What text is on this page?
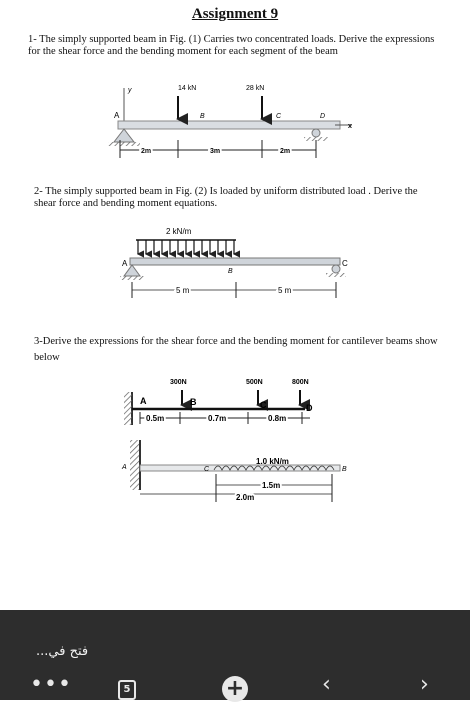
Assignment 9
1- The simply supported beam in Fig. (1) Carries two concentrated loads. Derive the expressions for the shear force and the bending moment for each segment of the beam
2- The simply supported beam in Fig. (2) Is loaded by uniform distributed load . Derive the shear force and bending moment equations.
3-Derive the expressions for the shear force and the bending moment for cantilever beams show below
y
A
14 kN
B
28 kN
C	D
x
2m	3m	2m
2 kN/m
A
B
C
5 m	5 m
300N	500N	800N
B	C	D
A
0.5m	0.7m	0.8m
A
1.0 kN/m
C	B
1.5m
2.0m
فتح في...
•••	5	+	‹	›
